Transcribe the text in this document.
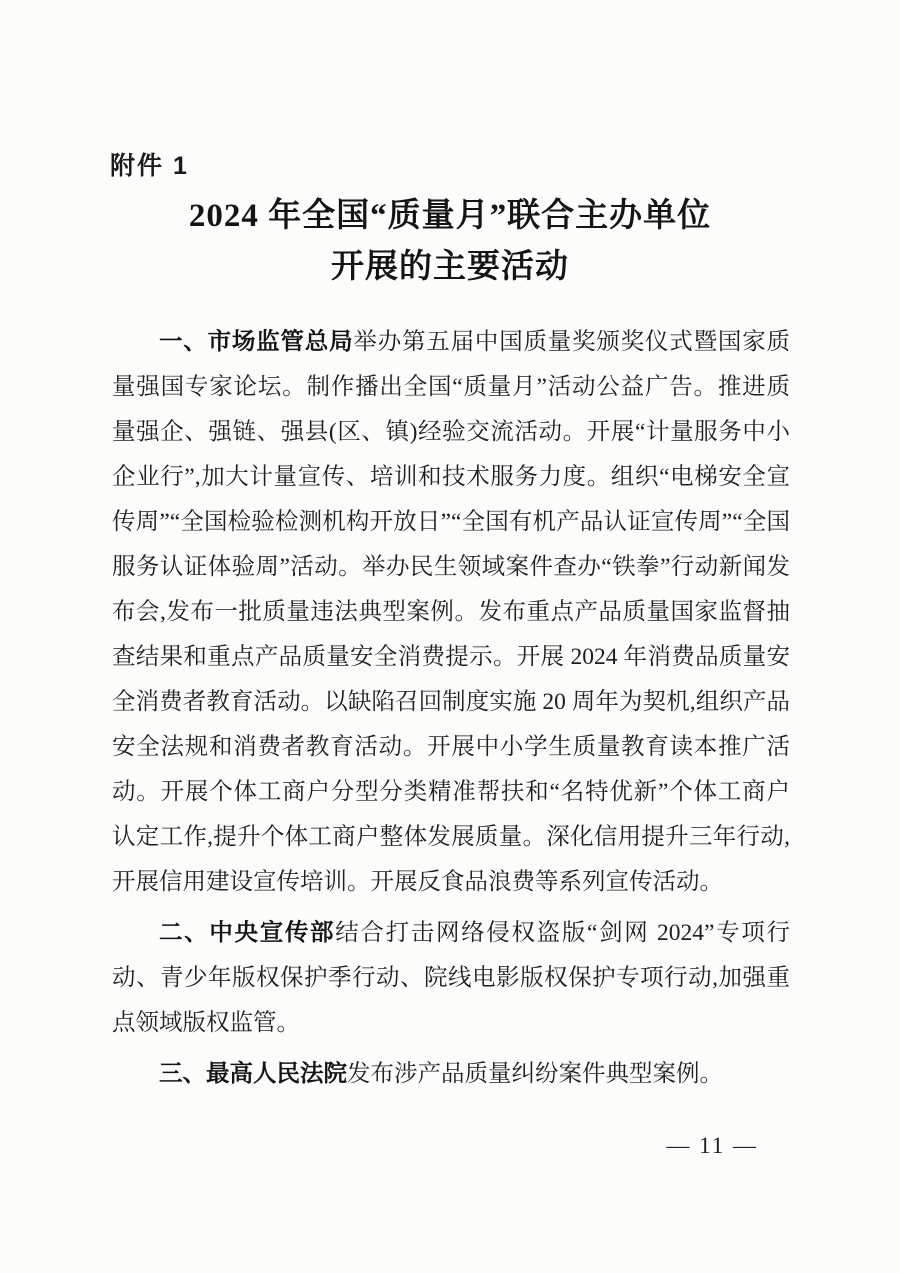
附件 1
2024 年全国“质量月”联合主办单位
开展的主要活动

一、市场监管总局举办第五届中国质量奖颁奖仪式暨国家质量强国专家论坛。制作播出全国“质量月”活动公益广告。推进质量强企、强链、强县(区、镇)经验交流活动。开展“计量服务中小企业行”,加大计量宣传、培训和技术服务力度。组织“电梯安全宣传周”“全国检验检测机构开放日”“全国有机产品认证宣传周”“全国服务认证体验周”活动。举办民生领域案件查办“铁拳”行动新闻发布会,发布一批质量违法典型案例。发布重点产品质量国家监督抽查结果和重点产品质量安全消费提示。开展 2024 年消费品质量安全消费者教育活动。以缺陷召回制度实施 20 周年为契机,组织产品安全法规和消费者教育活动。开展中小学生质量教育读本推广活动。开展个体工商户分型分类精准帮扶和“名特优新”个体工商户认定工作,提升个体工商户整体发展质量。深化信用提升三年行动,开展信用建设宣传培训。开展反食品浪费等系列宣传活动。

二、中央宣传部结合打击网络侵权盗版“剑网 2024”专项行动、青少年版权保护季行动、院线电影版权保护专项行动,加强重点领域版权监管。

三、最高人民法院发布涉产品质量纠纷案件典型案例。

— 11 —
